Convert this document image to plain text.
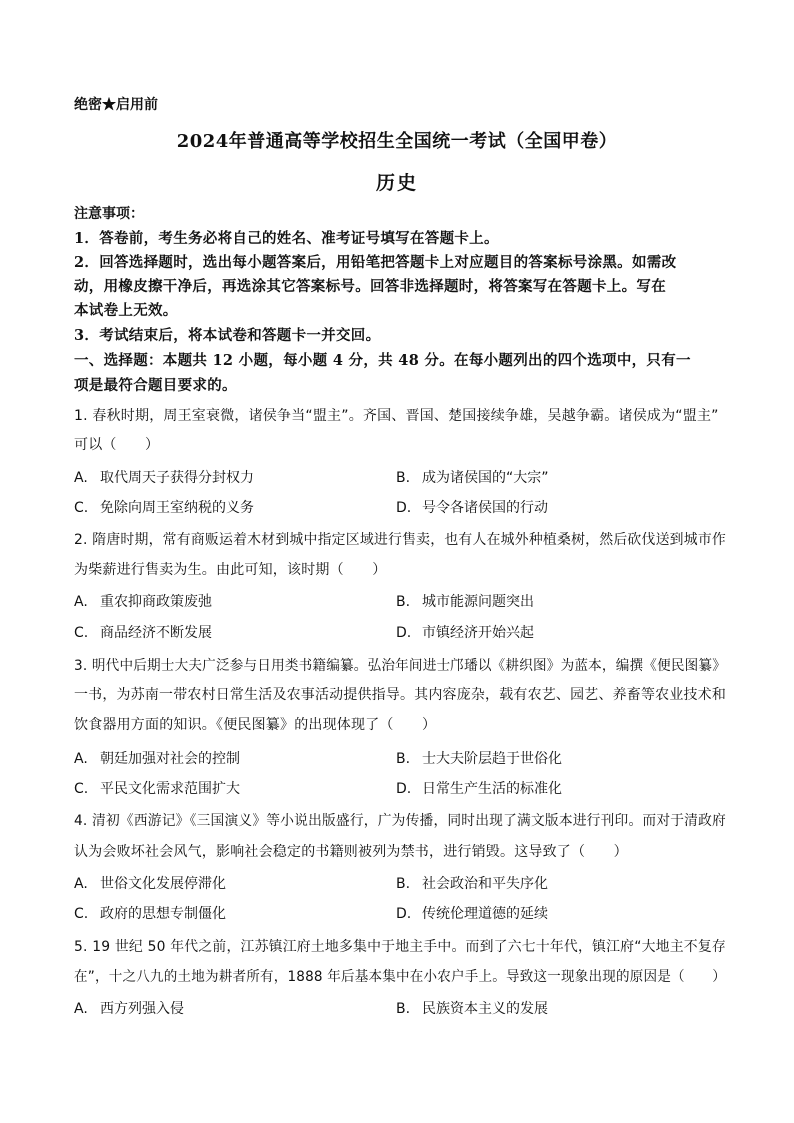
绝密★启用前
2024年普通高等学校招生全国统一考试（全国甲卷）
历史
注意事项：
1．答卷前，考生务必将自己的姓名、准考证号填写在答题卡上。
2．回答选择题时，选出每小题答案后，用铅笔把答题卡上对应题目的答案标号涂黑。如需改
动，用橡皮擦干净后，再选涂其它答案标号。回答非选择题时，将答案写在答题卡上。写在
本试卷上无效。
3．考试结束后，将本试卷和答题卡一并交回。
一、选择题：本题共 12 小题，每小题 4 分，共 48 分。在每小题列出的四个选项中，只有一
项是最符合题目要求的。
1. 春秋时期，周王室衰微，诸侯争当“盟主”。齐国、晋国、楚国接续争雄，吴越争霸。诸侯成为“盟主”
可以（　　）
A. 取代周天子获得分封权力	B. 成为诸侯国的“大宗”
C. 免除向周王室纳税的义务	D. 号令各诸侯国的行动
2. 隋唐时期，常有商贩运着木材到城中指定区域进行售卖，也有人在城外种植桑树，然后砍伐送到城市作
为柴薪进行售卖为生。由此可知，该时期（　　）
A. 重农抑商政策废弛	B. 城市能源问题突出
C. 商品经济不断发展	D. 市镇经济开始兴起
3. 明代中后期士大夫广泛参与日用类书籍编纂。弘治年间进士邝璠以《耕织图》为蓝本，编撰《便民图纂》
一书，为苏南一带农村日常生活及农事活动提供指导。其内容庞杂，载有农艺、园艺、养畜等农业技术和
饮食器用方面的知识。《便民图纂》的出现体现了（　　）
A. 朝廷加强对社会的控制	B. 士大夫阶层趋于世俗化
C. 平民文化需求范围扩大	D. 日常生产生活的标准化
4. 清初《西游记》《三国演义》等小说出版盛行，广为传播，同时出现了满文版本进行刊印。而对于清政府
认为会败坏社会风气，影响社会稳定的书籍则被列为禁书，进行销毁。这导致了（　　）
A. 世俗文化发展停滞化	B. 社会政治和平失序化
C. 政府的思想专制僵化	D. 传统伦理道德的延续
5. 19 世纪 50 年代之前，江苏镇江府土地多集中于地主手中。而到了六七十年代，镇江府“大地主不复存
在”，十之八九的土地为耕者所有，1888 年后基本集中在小农户手上。导致这一现象出现的原因是（　　）
A. 西方列强入侵	B. 民族资本主义的发展
